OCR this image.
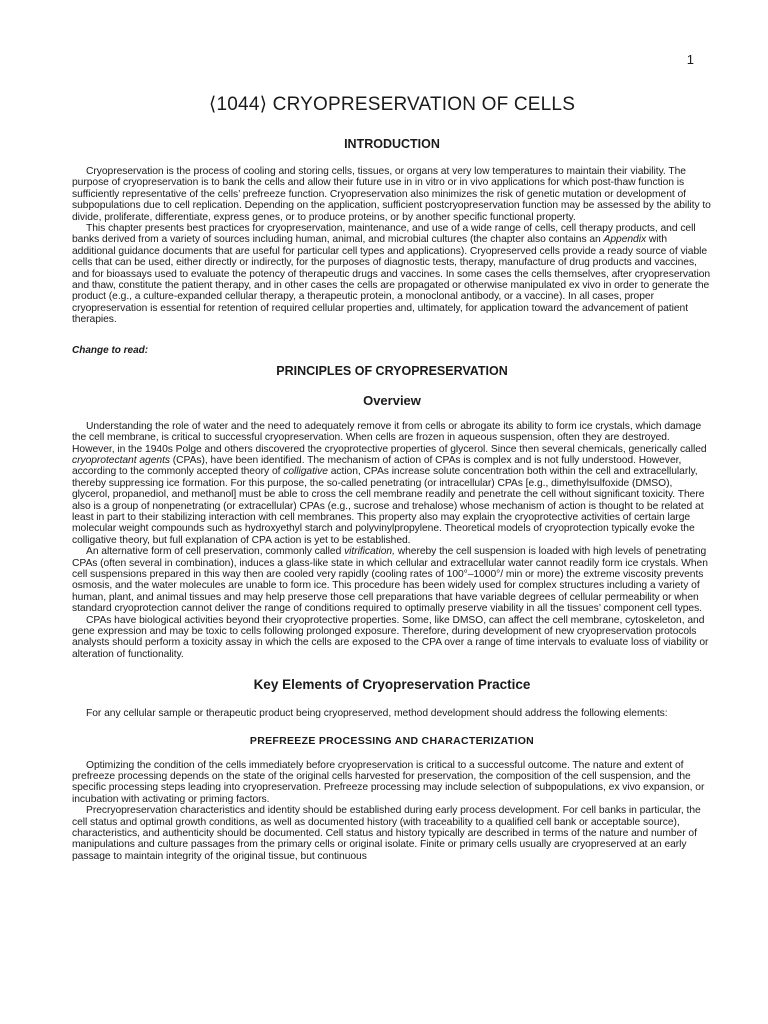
1
⟨1044⟩ CRYOPRESERVATION OF CELLS
INTRODUCTION

Cryopreservation is the process of cooling and storing cells, tissues, or organs at very low temperatures to maintain their viability. The purpose of cryopreservation is to bank the cells and allow their future use in in vitro or in vivo applications for which post-thaw function is sufficiently representative of the cells’ prefreeze function. Cryopreservation also minimizes the risk of genetic mutation or development of subpopulations due to cell replication. Depending on the application, sufficient postcryopreservation function may be assessed by the ability to divide, proliferate, differentiate, express genes, or to produce proteins, or by another specific functional property.

This chapter presents best practices for cryopreservation, maintenance, and use of a wide range of cells, cell therapy products, and cell banks derived from a variety of sources including human, animal, and microbial cultures (the chapter also contains an Appendix with additional guidance documents that are useful for particular cell types and applications). Cryopreserved cells provide a ready source of viable cells that can be used, either directly or indirectly, for the purposes of diagnostic tests, therapy, manufacture of drug products and vaccines, and for bioassays used to evaluate the potency of therapeutic drugs and vaccines. In some cases the cells themselves, after cryopreservation and thaw, constitute the patient therapy, and in other cases the cells are propagated or otherwise manipulated ex vivo in order to generate the product (e.g., a culture-expanded cellular therapy, a therapeutic protein, a monoclonal antibody, or a vaccine). In all cases, proper cryopreservation is essential for retention of required cellular properties and, ultimately, for application toward the advancement of patient therapies.

Change to read:

PRINCIPLES OF CRYOPRESERVATION
Overview

Understanding the role of water and the need to adequately remove it from cells or abrogate its ability to form ice crystals, which damage the cell membrane, is critical to successful cryopreservation. When cells are frozen in aqueous suspension, often they are destroyed. However, in the 1940s Polge and others discovered the cryoprotective properties of glycerol. Since then several chemicals, generically called cryoprotectant agents (CPAs), have been identified. The mechanism of action of CPAs is complex and is not fully understood. However, according to the commonly accepted theory of colligative action, CPAs increase solute concentration both within the cell and extracellularly, thereby suppressing ice formation. For this purpose, the so-called penetrating (or intracellular) CPAs [e.g., dimethylsulfoxide (DMSO), glycerol, propanediol, and methanol] must be able to cross the cell membrane readily and penetrate the cell without significant toxicity. There also is a group of nonpenetrating (or extracellular) CPAs (e.g., sucrose and trehalose) whose mechanism of action is thought to be related at least in part to their stabilizing interaction with cell membranes. This property also may explain the cryoprotective activities of certain large molecular weight compounds such as hydroxyethyl starch and polyvinylpropylene. Theoretical models of cryoprotection typically evoke the colligative theory, but full explanation of CPA action is yet to be established.

An alternative form of cell preservation, commonly called vitrification, whereby the cell suspension is loaded with high levels of penetrating CPAs (often several in combination), induces a glass-like state in which cellular and extracellular water cannot readily form ice crystals. When cell suspensions prepared in this way then are cooled very rapidly (cooling rates of 100°–1000°/ min or more) the extreme viscosity prevents osmosis, and the water molecules are unable to form ice. This procedure has been widely used for complex structures including a variety of human, plant, and animal tissues and may help preserve those cell preparations that have variable degrees of cellular permeability or when standard cryoprotection cannot deliver the range of conditions required to optimally preserve viability in all the tissues’ component cell types.

CPAs have biological activities beyond their cryoprotective properties. Some, like DMSO, can affect the cell membrane, cytoskeleton, and gene expression and may be toxic to cells following prolonged exposure. Therefore, during development of new cryopreservation protocols analysts should perform a toxicity assay in which the cells are exposed to the CPA over a range of time intervals to evaluate loss of viability or alteration of functionality.

Key Elements of Cryopreservation Practice

For any cellular sample or therapeutic product being cryopreserved, method development should address the following elements:

PREFREEZE PROCESSING AND CHARACTERIZATION

Optimizing the condition of the cells immediately before cryopreservation is critical to a successful outcome. The nature and extent of prefreeze processing depends on the state of the original cells harvested for preservation, the composition of the cell suspension, and the specific processing steps leading into cryopreservation. Prefreeze processing may include selection of subpopulations, ex vivo expansion, or incubation with activating or priming factors.

Precryopreservation characteristics and identity should be established during early process development. For cell banks in particular, the cell status and optimal growth conditions, as well as documented history (with traceability to a qualified cell bank or acceptable source), characteristics, and authenticity should be documented. Cell status and history typically are described in terms of the nature and number of manipulations and culture passages from the primary cells or original isolate. Finite or primary cells usually are cryopreserved at an early passage to maintain integrity of the original tissue, but continuous
